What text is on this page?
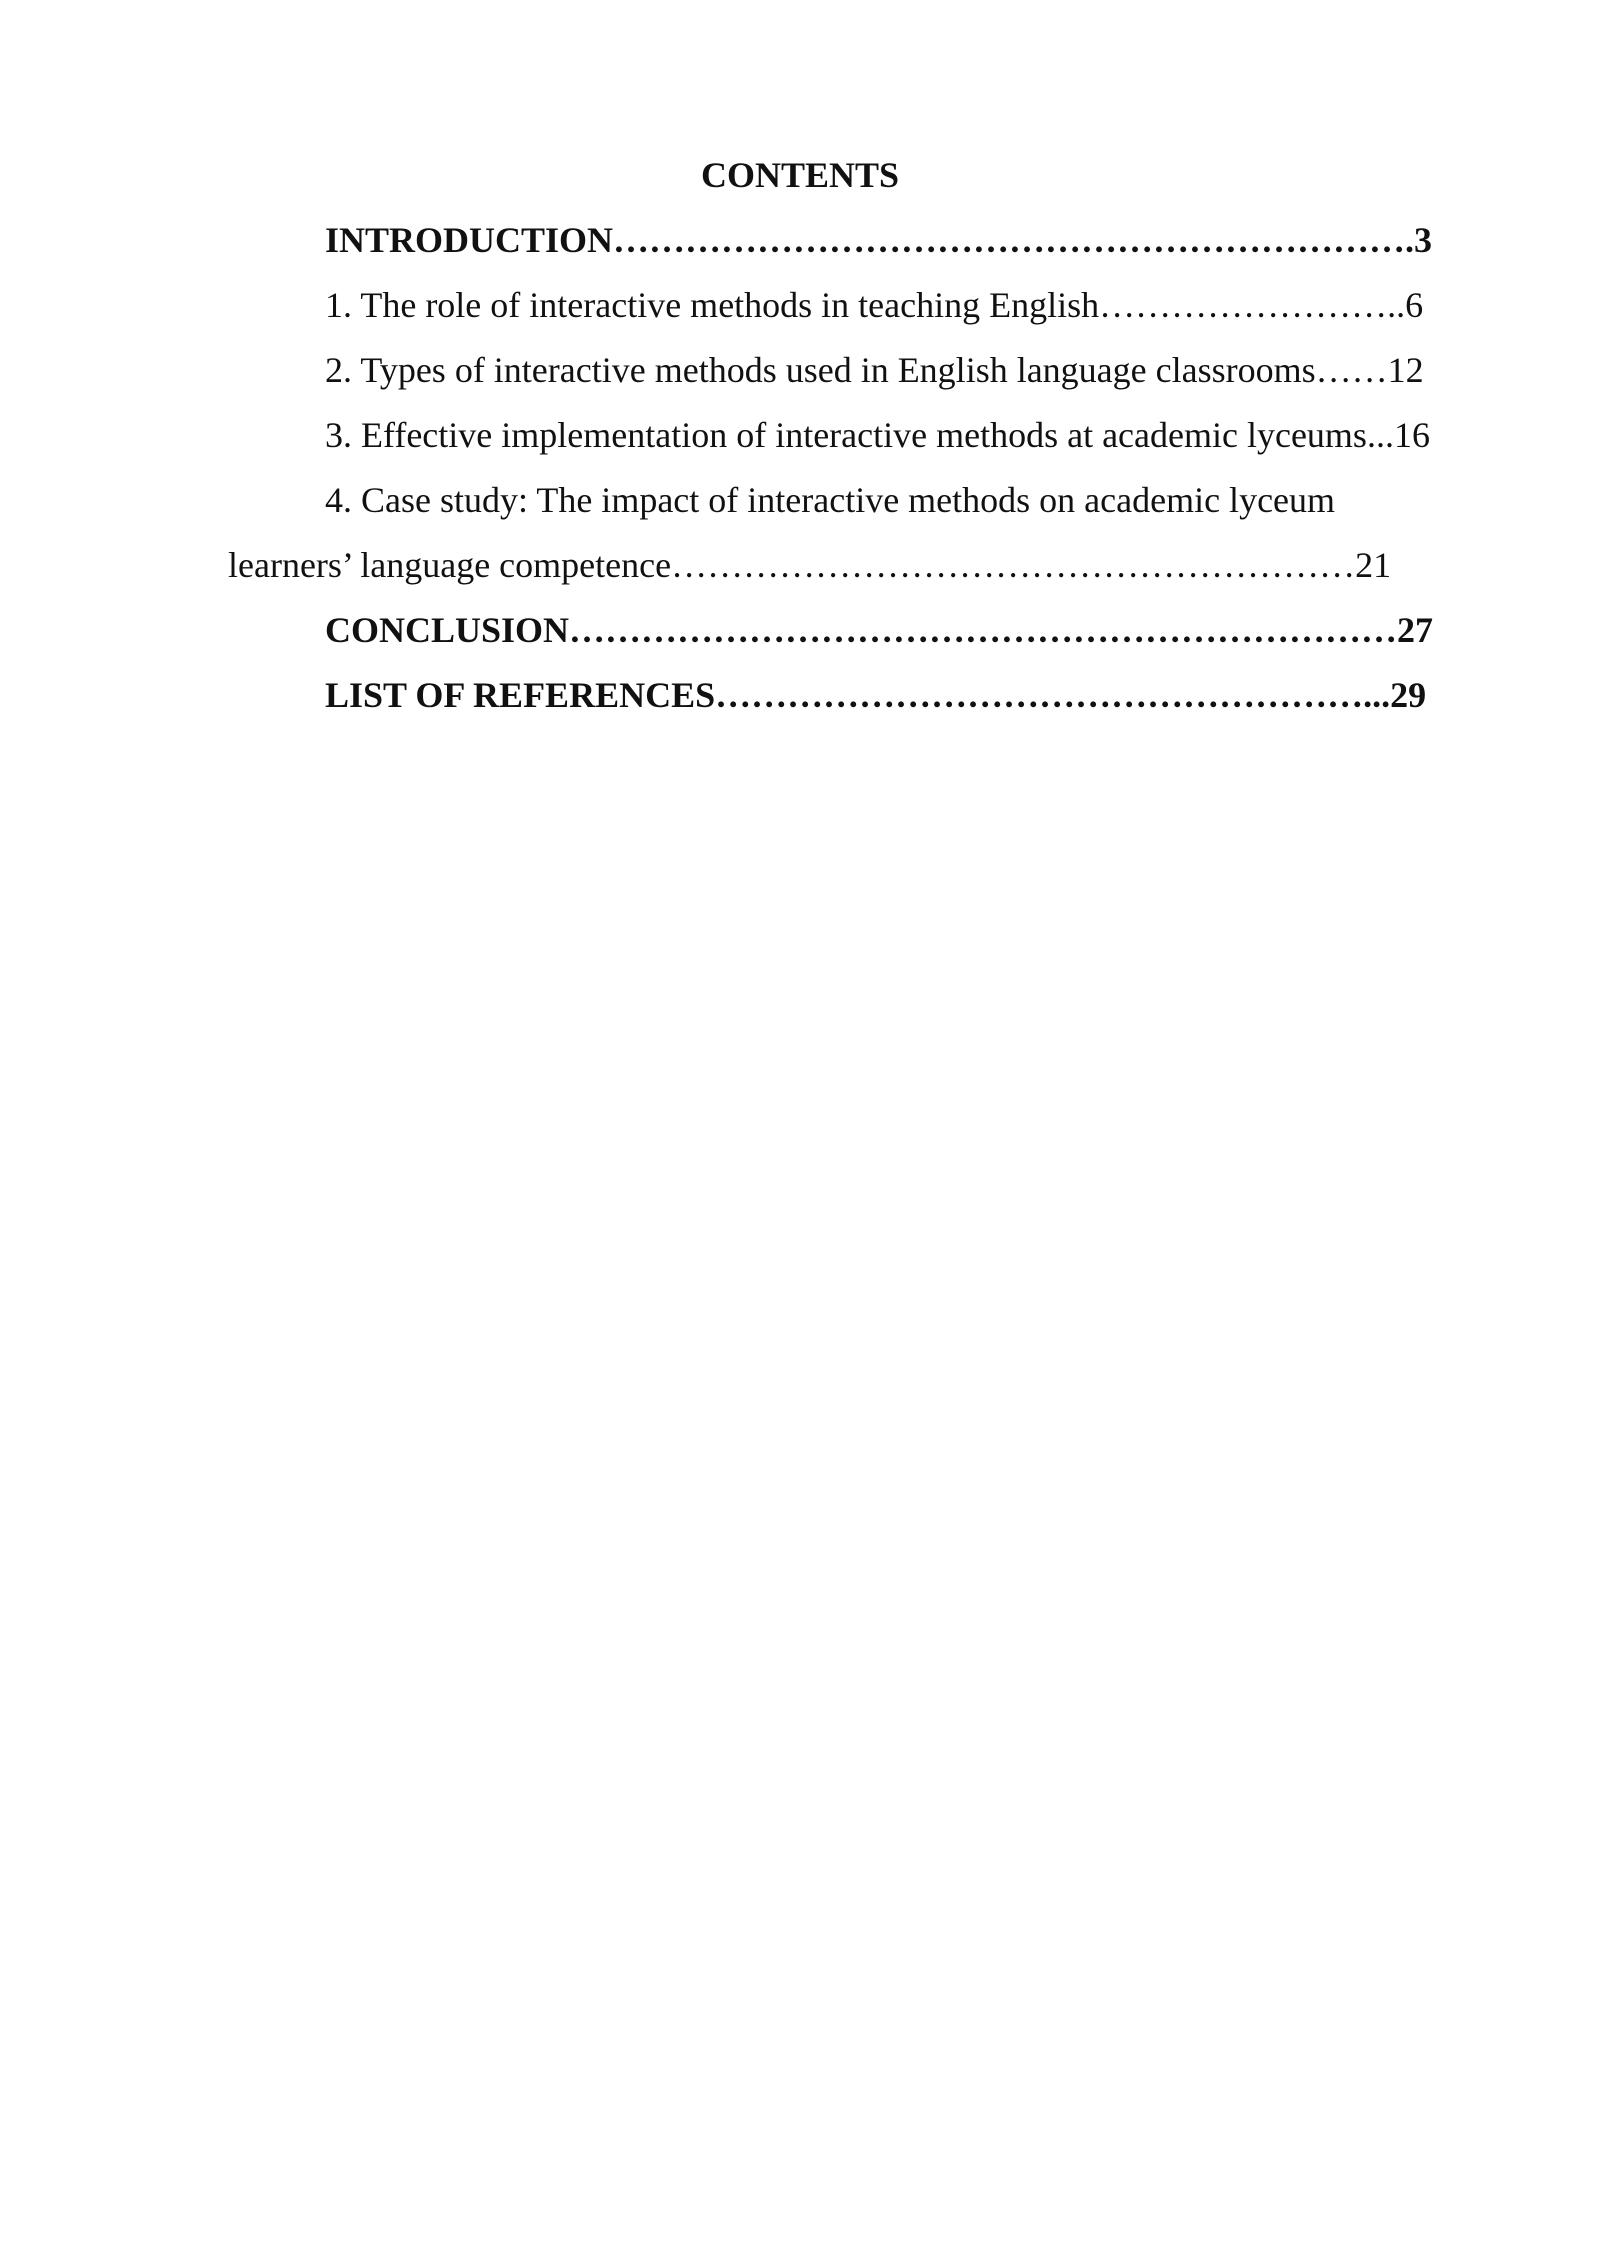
CONTENTS
INTRODUCTION………………………………………………………….3
1. The role of interactive methods in teaching English……………………..6
2. Types of interactive methods used in English language classrooms……12
3. Effective implementation of interactive methods at academic lyceums...16
4. Case study: The impact of interactive methods on academic lyceum
learners’ language competence…………………………………………………21
CONCLUSION……………………………………………………………27
LIST OF REFERENCES………………………………………………...29
